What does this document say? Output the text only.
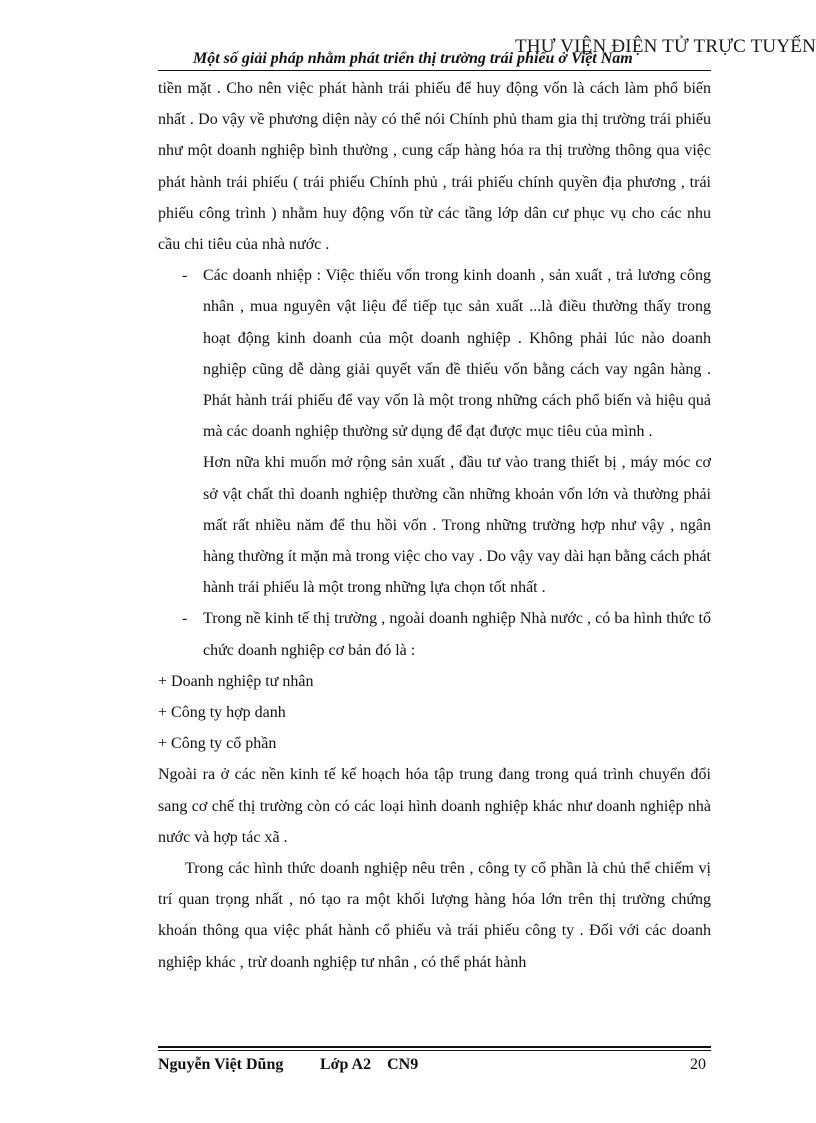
THƯ VIỆN ĐIỆN TỬ TRỰC TUYẾN
Một số giải pháp nhằm phát triển thị trường trái phiếu ở Việt Nam

tiền mặt . Cho nên việc phát hành trái phiếu để huy động vốn là cách làm phổ biến nhất . Do vậy về phương diện này có thể nói Chính phủ tham gia thị trường trái phiếu như một doanh nghiệp bình thường , cung cấp hàng hóa ra thị trường thông qua việc phát hành trái phiếu ( trái phiếu Chính phủ , trái phiếu chính quyền địa phương , trái phiếu công trình ) nhằm huy động vốn từ các tầng lớp dân cư phục vụ cho các nhu cầu chi tiêu của nhà nước .

- Các doanh nhiệp : Việc thiếu vốn trong kinh doanh , sản xuất , trả lương công nhân , mua nguyên vật liệu để tiếp tục sản xuất ...là điều thường thấy trong hoạt động kinh doanh của một doanh nghiệp . Không phải lúc nào doanh nghiệp cũng dễ dàng giải quyết vấn đề thiếu vốn bằng cách vay ngân hàng . Phát hành trái phiếu để vay vốn là một trong những cách phổ biến và hiệu quả mà các doanh nghiệp thường sử dụng để đạt được mục tiêu của mình .

Hơn nữa khi muốn mở rộng sản xuất , đầu tư vào trang thiết bị , máy móc cơ sở vật chất thì doanh nghiệp thường cần những khoản vốn lớn và thường phải mất rất nhiều năm để thu hồi vốn . Trong những trường hợp như vậy , ngân hàng thường ít mặn mà trong việc cho vay . Do vậy vay dài hạn bằng cách phát hành trái phiếu là một trong những lựa chọn tốt nhất .

- Trong nề kinh tế thị trường , ngoài doanh nghiệp Nhà nước , có ba hình thức tổ chức doanh nghiệp cơ bản đó là :

+ Doanh nghiệp tư nhân

+ Công ty hợp danh

+ Công ty cổ phần

Ngoài ra ở các nền kinh tế kế hoạch hóa tập trung đang trong quá trình chuyển đổi sang cơ chế thị trường còn có các loại hình doanh nghiệp khác như doanh nghiệp nhà nước và hợp tác xã .

Trong các hình thức doanh nghiệp nêu trên , công ty cổ phần là chủ thể chiếm vị trí quan trọng nhất , nó tạo ra một khối lượng hàng hóa lớn trên thị trường chứng khoán thông qua việc phát hành cổ phiếu và trái phiếu công ty . Đối với các doanh nghiệp khác , trừ doanh nghiệp tư nhân , có thể phát hành

Nguyễn Việt Dũng Lớp A2    CN9	20
